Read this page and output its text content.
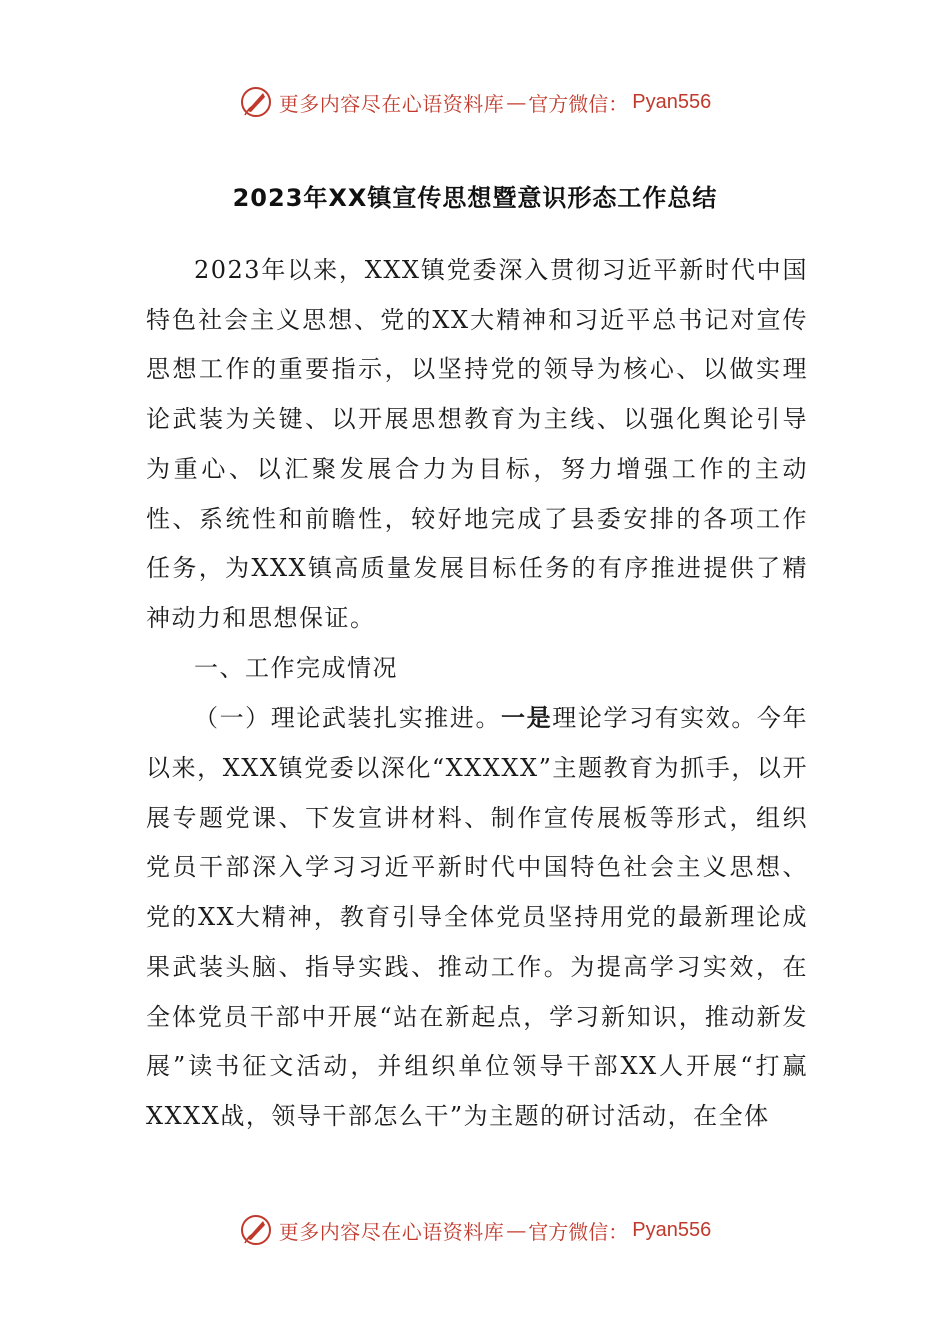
更多内容尽在心语资料库 — 官方微信： Pyan556
2023年XX镇宣传思想暨意识形态工作总结

2023年以来，XXX镇党委深入贯彻习近平新时代中国特色社会主义思想、党的XX大精神和习近平总书记对宣传思想工作的重要指示，以坚持党的领导为核心、以做实理论武装为关键、以开展思想教育为主线、以强化舆论引导为重心、以汇聚发展合力为目标，努力增强工作的主动性、系统性和前瞻性，较好地完成了县委安排的各项工作任务，为XXX镇高质量发展目标任务的有序推进提供了精神动力和思想保证。

一、工作完成情况

（一）理论武装扎实推进。一是理论学习有实效。今年以来，XXX镇党委以深化“XXXXX”主题教育为抓手，以开展专题党课、下发宣讲材料、制作宣传展板等形式，组织党员干部深入学习习近平新时代中国特色社会主义思想、党的XX大精神，教育引导全体党员坚持用党的最新理论成果武装头脑、指导实践、推动工作。为提高学习实效，在全体党员干部中开展“站在新起点，学习新知识，推动新发展”读书征文活动，并组织单位领导干部XX人开展“打赢XXXX战，领导干部怎么干”为主题的研讨活动，在全体

更多内容尽在心语资料库 — 官方微信： Pyan556
